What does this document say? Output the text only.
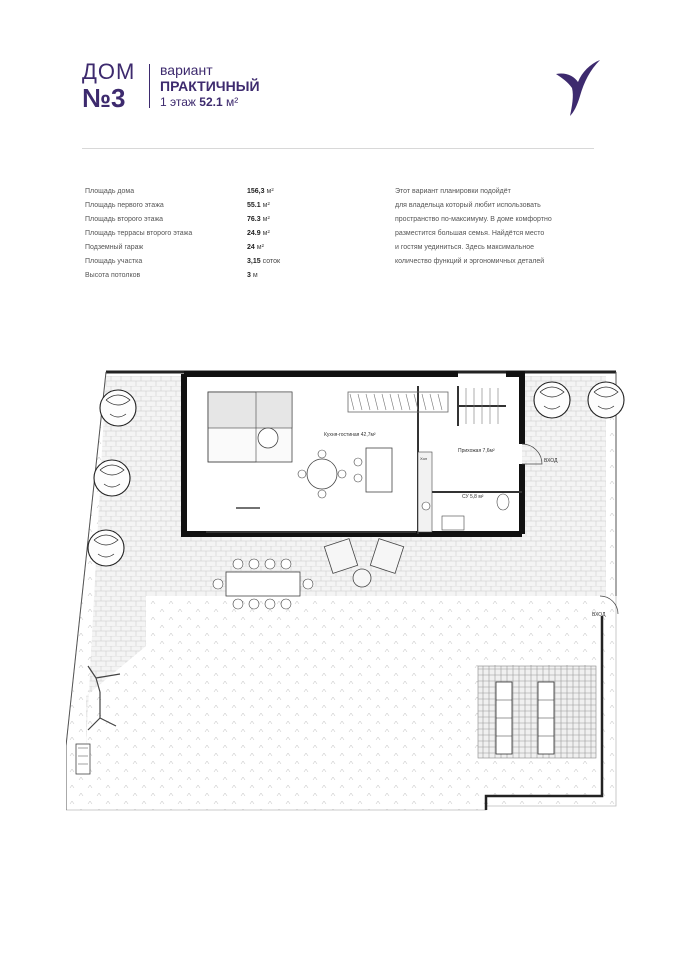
ДОМ
№3
вариант
ПРАКТИЧНЫЙ
1 этаж 52.1 м²
Площадь дома	156,3 м²
Площадь первого этажа	55.1 м²
Площадь второго этажа	76.3 м²
Площадь террасы второго этажа	24.9 м²
Подземный гараж	24 м²
Площадь участка	3,15 соток
Высота потолков	3 м
Этот вариант планировки подойдёт
для владельца который любит использовать
пространство по-максимуму. В доме комфортно
разместится большая семья. Найдётся место
и гостям уединиться. Здесь максимальное
количество функций и эргономичных деталей
Кухня-гостиная 42,7м²
Прихожая 7,6м²
СУ 5,8 м²
Хол	ВХОД
ВХОД
